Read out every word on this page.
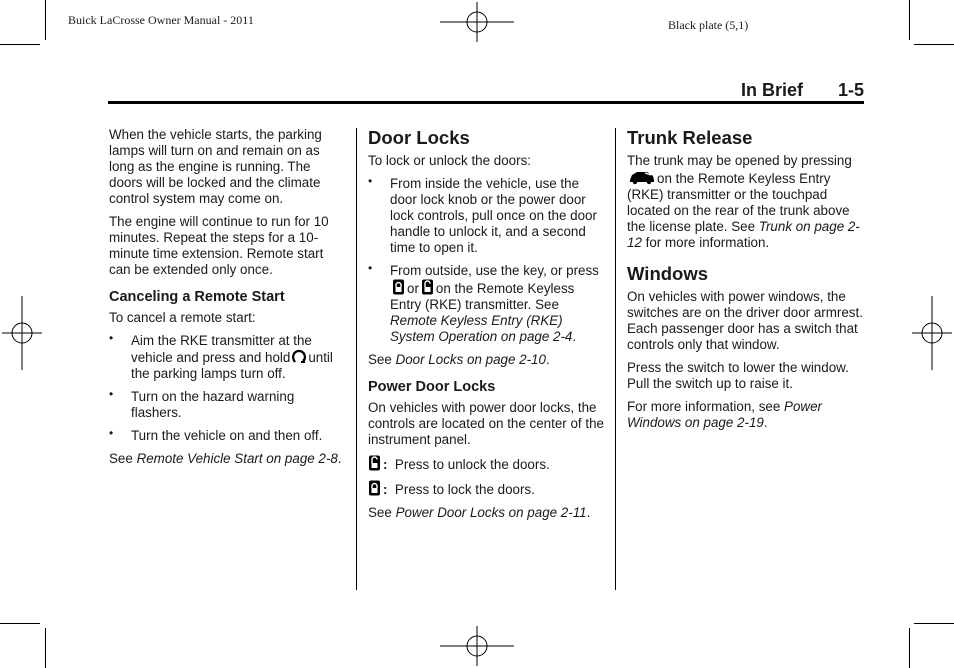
Buick LaCrosse Owner Manual - 2011	Black plate (5,1)
In Brief 1-5

When the vehicle starts, the parking lamps will turn on and remain on as long as the engine is running. The doors will be locked and the climate control system may come on.

The engine will continue to run for 10 minutes. Repeat the steps for a 10-minute time extension. Remote start can be extended only once.

Canceling a Remote Start

To cancel a remote start:

• Aim the RKE transmitter at the vehicle and press and hold until the parking lamps turn off.
• Turn on the hazard warning flashers.
• Turn the vehicle on and then off.

See Remote Vehicle Start on page 2-8.

Door Locks

To lock or unlock the doors:

• From inside the vehicle, use the door lock knob or the power door lock controls, pull once on the door handle to unlock it, and a second time to open it.
• From outside, use the key, or pressor on the Remote Keyless Entry (RKE) transmitter. See Remote Keyless Entry (RKE) System Operation on page 2-4.

See Door Locks on page 2-10.

Power Door Locks

On vehicles with power door locks, the controls are located on the center of the instrument panel.

: Press to unlock the doors.

: Press to lock the doors.

See Power Door Locks on page 2-11.

Trunk Release

The trunk may be opened by pressingon the Remote Keyless Entry (RKE) transmitter or the touchpad located on the rear of the trunk above the license plate. See Trunk on page 2-12 for more information.

Windows

On vehicles with power windows, the switches are on the driver door armrest. Each passenger door has a switch that controls only that window.

Press the switch to lower the window. Pull the switch up to raise it.

For more information, see Power Windows on page 2-19.
